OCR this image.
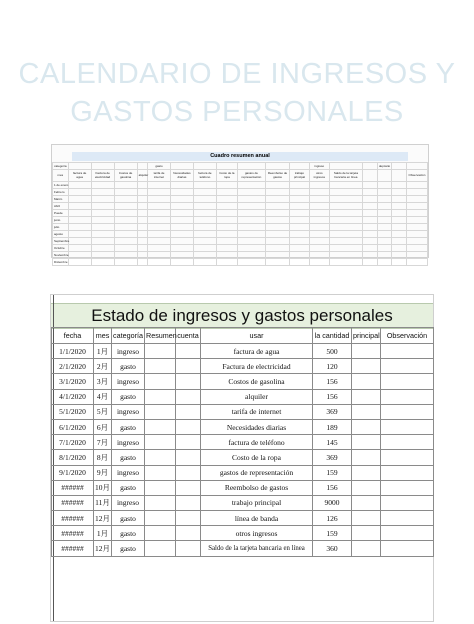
CALENDARIO DE INGRESOS Y
GASTOS PERSONALES
Cuadro resumen anual
categoría					gasto							ingreso			depósito		
mes	factura de agua	Factura de electricidad	Costos de gasolina	alquiler	tarifa de internet	Necesidades diarias	factura de teléfono	Costo de la ropa	gastos de representación	Reembolso de gastos	trabajo principal	otros ingresos	Saldo de la tarjeta bancaria en línea				Observación
1 de enero																	
Febrero																	
Marzo																	
Abril																	
Puede																	
junio																	
julio																	
agosto																	
Septiembre																	
Octubre																	
Noviembre																	
Diciembre																	
Estado de ingresos y gastos personales
fecha	mes	categoría	Resumen	cuenta	usar	la cantidad	principal	Observación
1/1/2020	1月	ingreso			factura de agua	500		
2/1/2020	2月	gasto			Factura de electricidad	120		
3/1/2020	3月	ingreso			Costos de gasolina	156		
4/1/2020	4月	gasto			alquiler	156		
5/1/2020	5月	ingreso			tarifa de internet	369		
6/1/2020	6月	gasto			Necesidades diarias	189		
7/1/2020	7月	ingreso			factura de teléfono	145		
8/1/2020	8月	gasto			Costo de la ropa	369		
9/1/2020	9月	ingreso			gastos de representación	159		
######	10月	gasto			Reembolso de gastos	156		
######	11月	ingreso			trabajo principal	9000		
######	12月	gasto			línea de banda	126		
######	1月	gasto			otros ingresos	159		
######	12月	gasto			Saldo de la tarjeta bancaria en línea	360		
